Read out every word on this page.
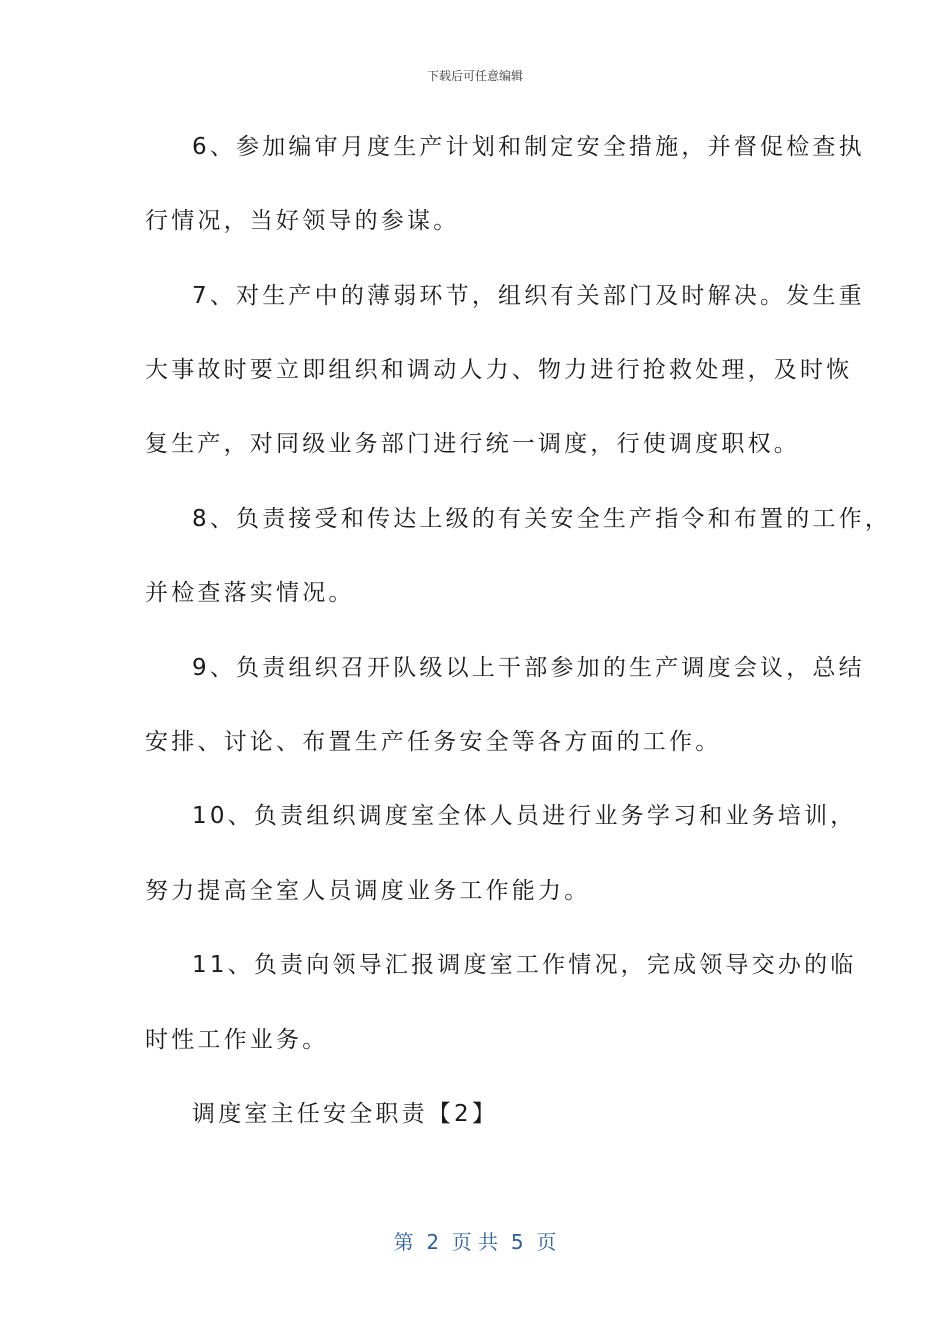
下载后可任意编辑
6、参加编审月度生产计划和制定安全措施，并督促检查执
行情况，当好领导的参谋。
7、对生产中的薄弱环节，组织有关部门及时解决。发生重
大事故时要立即组织和调动人力、物力进行抢救处理，及时恢
复生产，对同级业务部门进行统一调度，行使调度职权。
8、负责接受和传达上级的有关安全生产指令和布置的工作，
并检查落实情况。
9、负责组织召开队级以上干部参加的生产调度会议，总结
安排、讨论、布置生产任务安全等各方面的工作。
10、负责组织调度室全体人员进行业务学习和业务培训，
努力提高全室人员调度业务工作能力。
11、负责向领导汇报调度室工作情况，完成领导交办的临
时性工作业务。
调度室主任安全职责【2】
第  2  页 共  5  页
